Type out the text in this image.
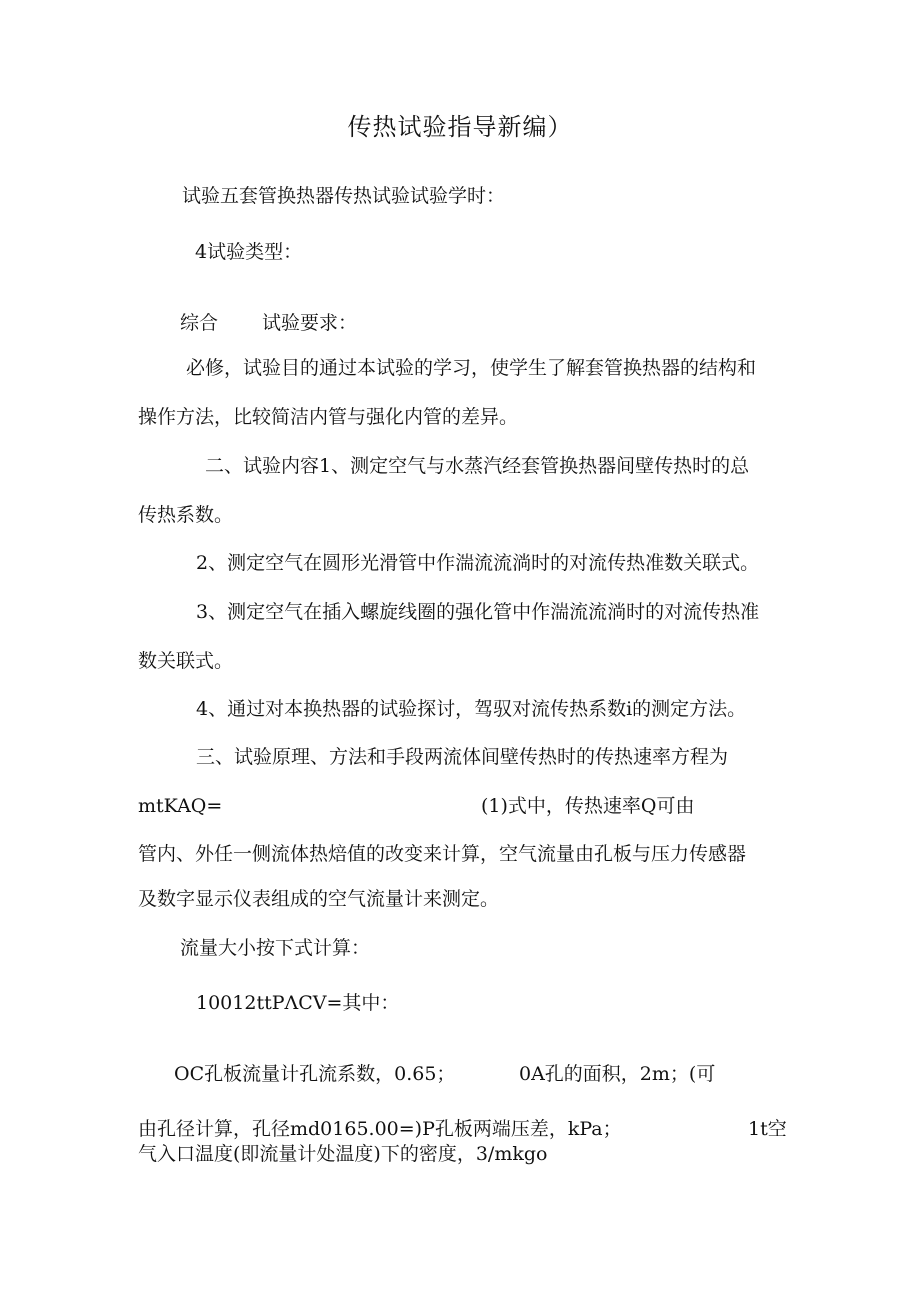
传热试验指导新编）
试验五套管换热器传热试验试验学时：
4试验类型：
综合 试验要求：
必修，试验目的通过本试验的学习，使学生了解套管换热器的结构和
操作方法，比较简洁内管与强化内管的差异。
二、试验内容1、测定空气与水蒸汽经套管换热器间壁传热时的总
传热系数。
2、测定空气在圆形光滑管中作湍流流淌时的对流传热准数关联式。
3、测定空气在插入螺旋线圈的强化管中作湍流流淌时的对流传热准
数关联式。
4、通过对本换热器的试验探讨，驾驭对流传热系数i的测定方法。
三、试验原理、方法和手段两流体间壁传热时的传热速率方程为
mtKAQ=	(1)式中，传热速率Q可由
管内、外任一侧流体热焙值的改变来计算，空气流量由孔板与压力传感器
及数字显示仪表组成的空气流量计来测定。
流量大小按下式计算：
10012ttPΛCV=其中：
OC孔板流量计孔流系数，0.65；	0A孔的面积，2m；(可
由孔径计算，孔径md0165.00=)P孔板两端压差，kPa；	1t空
气入口温度(即流量计处温度)下的密度，3/mkgo
